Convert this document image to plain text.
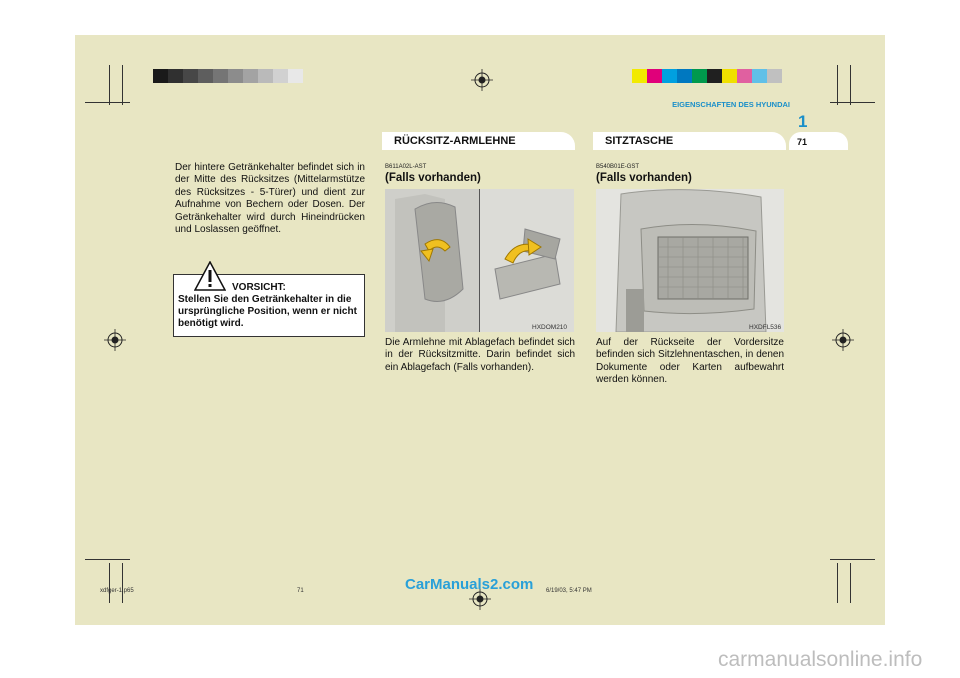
1
EIGENSCHAFTEN DES HYUNDAI
RÜCKSITZ-ARMLEHNE	SITZTASCHE	71
Der hintere Getränkehalter befindet sich in der Mitte des Rücksitzes (Mittelarmstütze des Rücksitzes - 5-Türer) und dient zur Aufnahme von Bechern oder Dosen. Der Getränkehalter wird durch Hineindrücken und Loslassen geöffnet.
VORSICHT:
Stellen Sie den Getränkehalter in die ursprüngliche Position, wenn er nicht benötigt wird.
B611A02L-AST
(Falls vorhanden)
HXDOM210
Die Armlehne mit Ablagefach befindet sich in der Rücksitzmitte. Darin befindet sich ein Ablagefach (Falls vorhanden).
B540B01E-GST
(Falls vorhanden)
HXDFL536
Auf der Rückseite der Vordersitze befinden sich Sitzlehnentaschen, in denen Dokumente oder Karten aufbewahrt werden können.
xdfger-1.p65	71	6/19/03, 5:47 PM
CarManuals2.com
carmanualsonline.info
